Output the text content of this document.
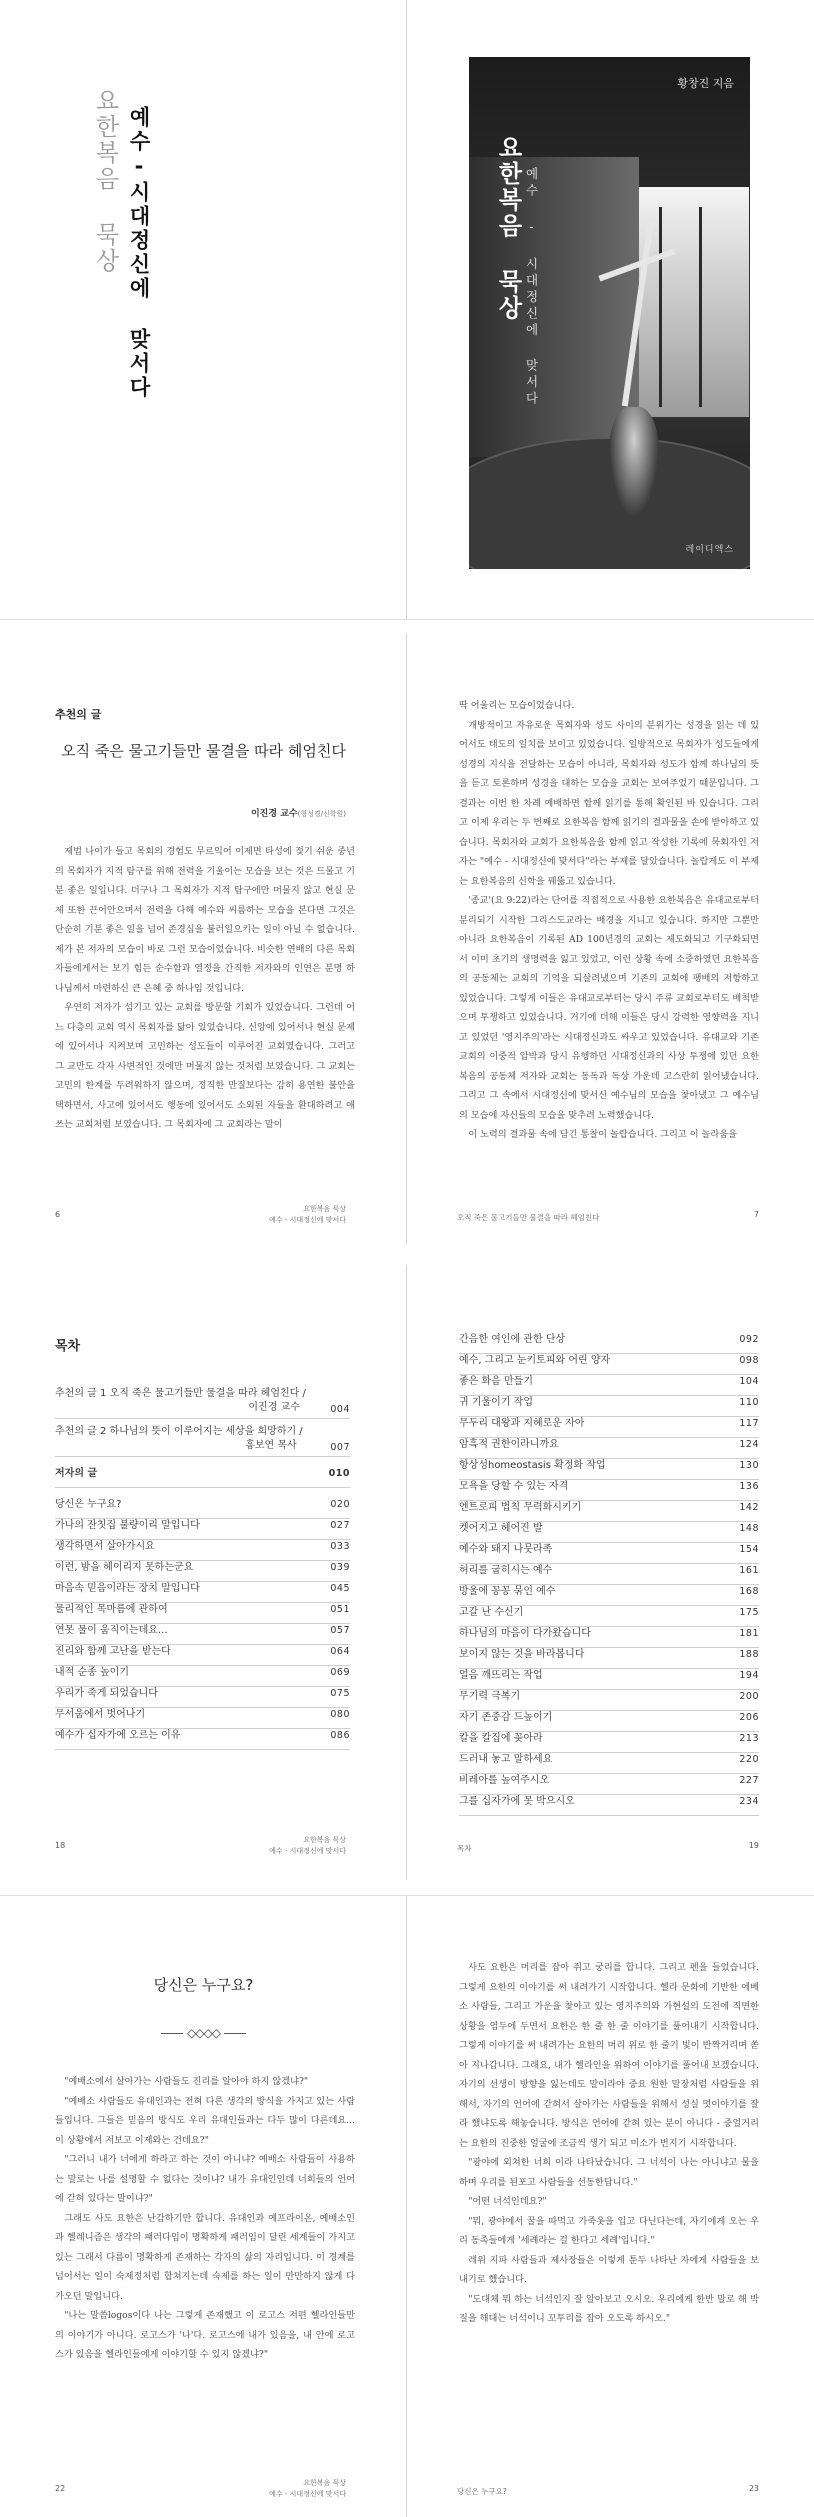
요한복음 묵상 예수-시대정신에 맞서다	요한복음 묵상 예수 - 시대정신에 맞서다
황창진 지음
레이디엑스
추천의 글
오직 죽은 물고기들만 물결을 따라 헤엄친다
이진경 교수(형성경/신학원)

제법 나이가 들고 목회의 경험도 무르익어 이제면 타성에 젖기 쉬운 중년의 목회자가 지적 탐구를 위해 전력을 기울이는 모습을 보는 것은 드물고 기분 좋은 일입니다. 더구나 그 목회자가 지적 탐구에만 머물지 않고 현실 문제 또한 끈어안으며서 전력을 다해 예수와 씨름하는 모습을 본다면 그것은 단순히 기분 좋은 일을 넘어 존경심을 불러일으키는 일이 아닐 수 없습니다. 제가 본 저자의 모습이 바로 그런 모습이었습니다. 비슷한 연배의 다른 목회자들에게서는 보기 힘든 순수함과 열정을 간직한 저자와의 인연은 분명 하나님께서 마련하신 큰 은혜 중 하나임 것입니다.

우연히 저자가 섬기고 있는 교회를 방문할 기회가 있었습니다. 그런데 어느 다층의 교회 역시 목회자를 닮아 있었습니다. 신앙에 있어서나 현실 문제에 있어서나 지켜보며 고민하는 성도들이 이루어진 교회였습니다. 그러고 그 교만도 각자 사변적인 것에만 머물지 않는 것처럼 보였습니다. 그 교회는 고민의 한계를 두려워하지 않으며, 정직한 만질보다는 감히 용연한 불안을 택하면서, 사고에 있어서도 행동에 있어서도 소외된 자들을 환대하려고 애쓰는 교회처럼 보였습니다. 그 목회자에 그 교회라는 말이

6
요한복음 묵상
예수 - 시대정신에 맞서다

딱 어울리는 모습이었습니다.

개방적이고 자유로운 목회자와 성도 사이의 분위기는 성경을 읽는 데 있어서도 태도의 일치를 보이고 있었습니다. 일방적으로 목회자가 성도들에게 성경의 지식을 전달하는 모습이 아니라, 목회자와 성도가 함께 하나님의 뜻을 듣고 토론하며 성경을 대하는 모습을 교회는 보여주었기 때문입니다. 그 결과는 이번 한 차례 예배하면 함께 읽기를 통해 확인된 바 있습니다. 그리고 이제 우리는 두 번째로 요한복음 함께 읽기의 결과물을 손에 받아하고 있습니다. 목회자와 교회가 요한복음을 함께 읽고 작성한 기록에 묵회자인 저자는 "예수 - 시대정신에 맞서다"라는 부제를 달았습니다. 놀랍게도 이 부제는 요한복음의 신학을 꿰뚫고 있습니다.

'종교'(요 9:22)라는 단어를 직접적으로 사용한 요한복음은 유대교로부터 분리되기 시작한 그리스도교라는 배경을 지니고 있습니다. 하지만 그뿐만 아니라 요한복음이 기록된 AD 100년경의 교회는 제도화되고 기구화되면서 이미 초기의 생명력을 잃고 있었고, 이런 상황 속에 소중하였던 요한복음의 공동체는 교회의 기억을 되살려냈으며 기존의 교회에 팽배의 저항하고 있었습니다. 그렇게 이들은 유대교로부터는 당시 주류 교회로부터도 배척받으며 투쟁하고 있었습니다. 거기에 더해 이들은 당시 강력한 영향력을 지니고 있었던 '영지주의'라는 시대정신과도 싸우고 있었습니다. 유대교와 기존 교회의 이중적 압박과 당시 유행하던 시대정신과의 사상 투쟁에 있던 요한복음의 공동체 저자와 교회는 동독과 독상 가운데 고스란히 읽어냈습니다. 그리고 그 속에서 시대정신에 맞서신 예수님의 모습을 찾아냈고 그 예수님의 모습에 자신들의 모습을 맞추려 노력했습니다.

이 노력의 결과물 속에 담긴 통찰이 놀랍습니다. 그리고 이 놀라움을

오직 죽은 물고기들만 물결을 따라 헤엄친다	7
목차
추천의 글 1 오직 죽은 물고기들만 물결을 따라 헤엄친다 /
이진경 교수	004
추천의 글 2 하나님의 뜻이 이루어지는 세상을 희망하기 /
홍보연 목사	007
저자의 글	010
당신은 누구요?	020
가나의 잔칫집 불량이리 말입니다	027
생각하면서 살아가시요	033
이런, 밤을 헤이리지 못하는군요	039
마음속 믿음이라는 장치 말입니다	045
물리적인 목마름에 관하여	051
연못 물이 움직이는데요...	057
진리와 함께 고난을 받는다	064
내적 순종 높이기	069
우리가 죽게 되었습니다	075
무서움에서 벗어나기	080
예수가 십자가에 오르는 이유	086
18
요한복음 묵상
예수 - 시대정신에 맞서다
간음한 여인에 관한 단상	092
예수, 그리고 눈키토피와 어린 양자	098
좋은 화음 만들기	104
귀 기울이기 작업	110
무두리 대왕과 지혜로운 자아	117
암흑적 권한이라니까요	124
항상성homeostasis 확정화 작업	130
모욕을 당할 수 있는 자격	136
엔트로피 법칙 무력화시키기	142
켓어지고 헤어진 발	148
예수와 돼지 나뭇라족	154
허리를 굽히시는 예수	161
방울에 꽁꽁 묶인 예수	168
고갈 난 수신기	175
하나님의 마음이 다가왔습니다	181
보이지 않는 것을 바라봅니다	188
얼음 깨뜨리는 작업	194
무기력 극복기	200
자기 존중감 드높이기	206
칼을 칼집에 꽂아라	213
드러내 놓고 말하세요	220
비레아를 높여주시오	227
그를 십자가에 못 박으시오	234
목차	19
당신은 누구요?
◇◇◇◇

"예배소에서 살아가는 사람들도 진리를 알아야 하지 않겠냐?"

"예배소 사람들도 유대인과는 전혀 다른 생각의 방식을 가지고 있는 사람들입니다. 그들은 믿음의 방식도 우리 유대인들과는 다두 많이 다른데요... 이 상황에서 저보고 이제와는 건데요?"

"그러니 내가 너에게 하라고 하는 것이 아니냐? 예배소 사람들이 사용하는 말로는 나를 설명할 수 없다는 것이냐? 내가 유대인인데 너희들의 언어에 갇혀 있다는 말이냐?"

그래도 사도 요한은 난감하기만 합니다. 유대인과 예프라이온, 예배소인과 헬레니즘은 생각의 패러다임이 명확하게 패러임이 달린 세계들이 가지고 있는 그래서 다름이 명확하게 존재하는 각자의 삶의 자리입니다. 이 경계를 넘어서는 일이 숙제정처럼 합쳐지는데 숙제를 하는 일이 만만하지 않게 다가오던 말입니다.

"나는 말씀logos이다 나는 그렇게 존재했고 이 로고스 저편 헬라인들만의 이야기가 아니다. 로고스가 '나'다. 로고스에 내가 있음을, 내 안에 로고스가 있음을 헬라인들에게 이야기할 수 있지 않겠냐?"

22
요한복음 묵상
예수 - 시대정신에 맞서다

사도 요한은 머리를 잡아 쥐고 궁리를 합니다. 그리고 펜을 들었습니다. 그렇게 요한의 이야기를 써 내려가기 시작합니다. 헬라 문화에 기반한 에베소 사람들, 그리고 가운을 찾아고 있는 영지주의와 가현설의 도전에 직면한 상황을 염두에 두면서 요한은 한 줄 한 줄 이야기를 풀어내기 시작합니다. 그렇게 이야기를 써 내려가는 요한의 머리 위로 한 줄기 빛이 반짝거리며 쏟아 지나갑니다. 그래요, 내가 헬라인을 위하여 이야기를 풀어내 보겠습니다. 자기의 선생이 방향을 잃는데도 말이라야 중요 원한 말장처럼 사람들을 위해서, 자기의 언어에 갇혀서 살아가는 사람들을 위해서 성실 멋이야기를 잘라 했냐도록 해놓습니다. 방식은 언어에 갇혀 있는 분이 아니다 - 중얼거리는 요한의 진중한 얼굴에 조금씩 생기 되고 미소가 번지기 시작합니다.

"광야에 외쳐한 너희 이라 나타났습니다. 그 너석이 나는 아니냐고 물을 하며 우리를 된포고 사람들을 선동한답니다."

"어떤 너석인데요?"

"뭐, 광야에서 꿀을 따먹고 가죽옷을 입고 다닌다는데, 자기에게 오는 우리 동족들에게 '세례라는 걸 한다고 세례'입니다."

레위 지파 사람들과 제사장들은 이렇게 툰두 나타난 자에게 사람들을 보내기로 했습니다.

"도대체 뭐 하는 너석인지 잘 알아보고 오시오. 우리에게 한반 말로 해 박질을 해대는 너석이니 꼬투리를 잡아 오도록 하시오."

당신은 누구요?	23
